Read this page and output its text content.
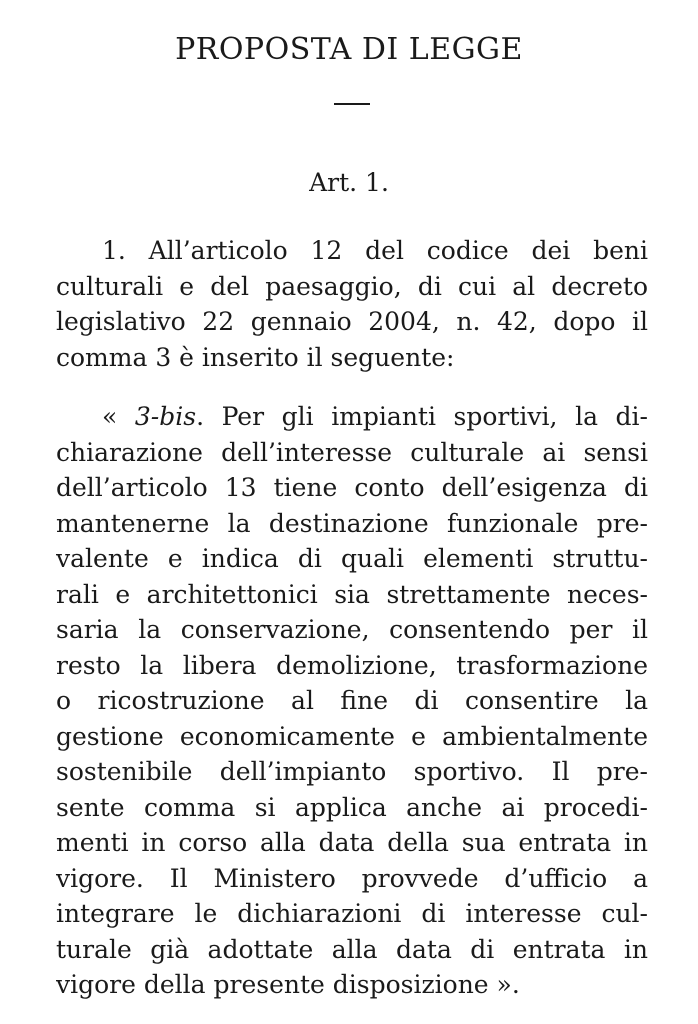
PROPOSTA DI LEGGE
Art. 1.
1. All’articolo 12 del codice dei beni
culturali e del paesaggio, di cui al decreto
legislativo 22 gennaio 2004, n. 42, dopo il
comma 3 è inserito il seguente:
« 3-bis. Per gli impianti sportivi, la di-
chiarazione dell’interesse culturale ai sensi
dell’articolo 13 tiene conto dell’esigenza di
mantenerne la destinazione funzionale pre-
valente e indica di quali elementi struttu-
rali e architettonici sia strettamente neces-
saria la conservazione, consentendo per il
resto la libera demolizione, trasformazione
o ricostruzione al fine di consentire la
gestione economicamente e ambientalmente
sostenibile dell’impianto sportivo. Il pre-
sente comma si applica anche ai procedi-
menti in corso alla data della sua entrata in
vigore. Il Ministero provvede d’ufficio a
integrare le dichiarazioni di interesse cul-
turale già adottate alla data di entrata in
vigore della presente disposizione ».
